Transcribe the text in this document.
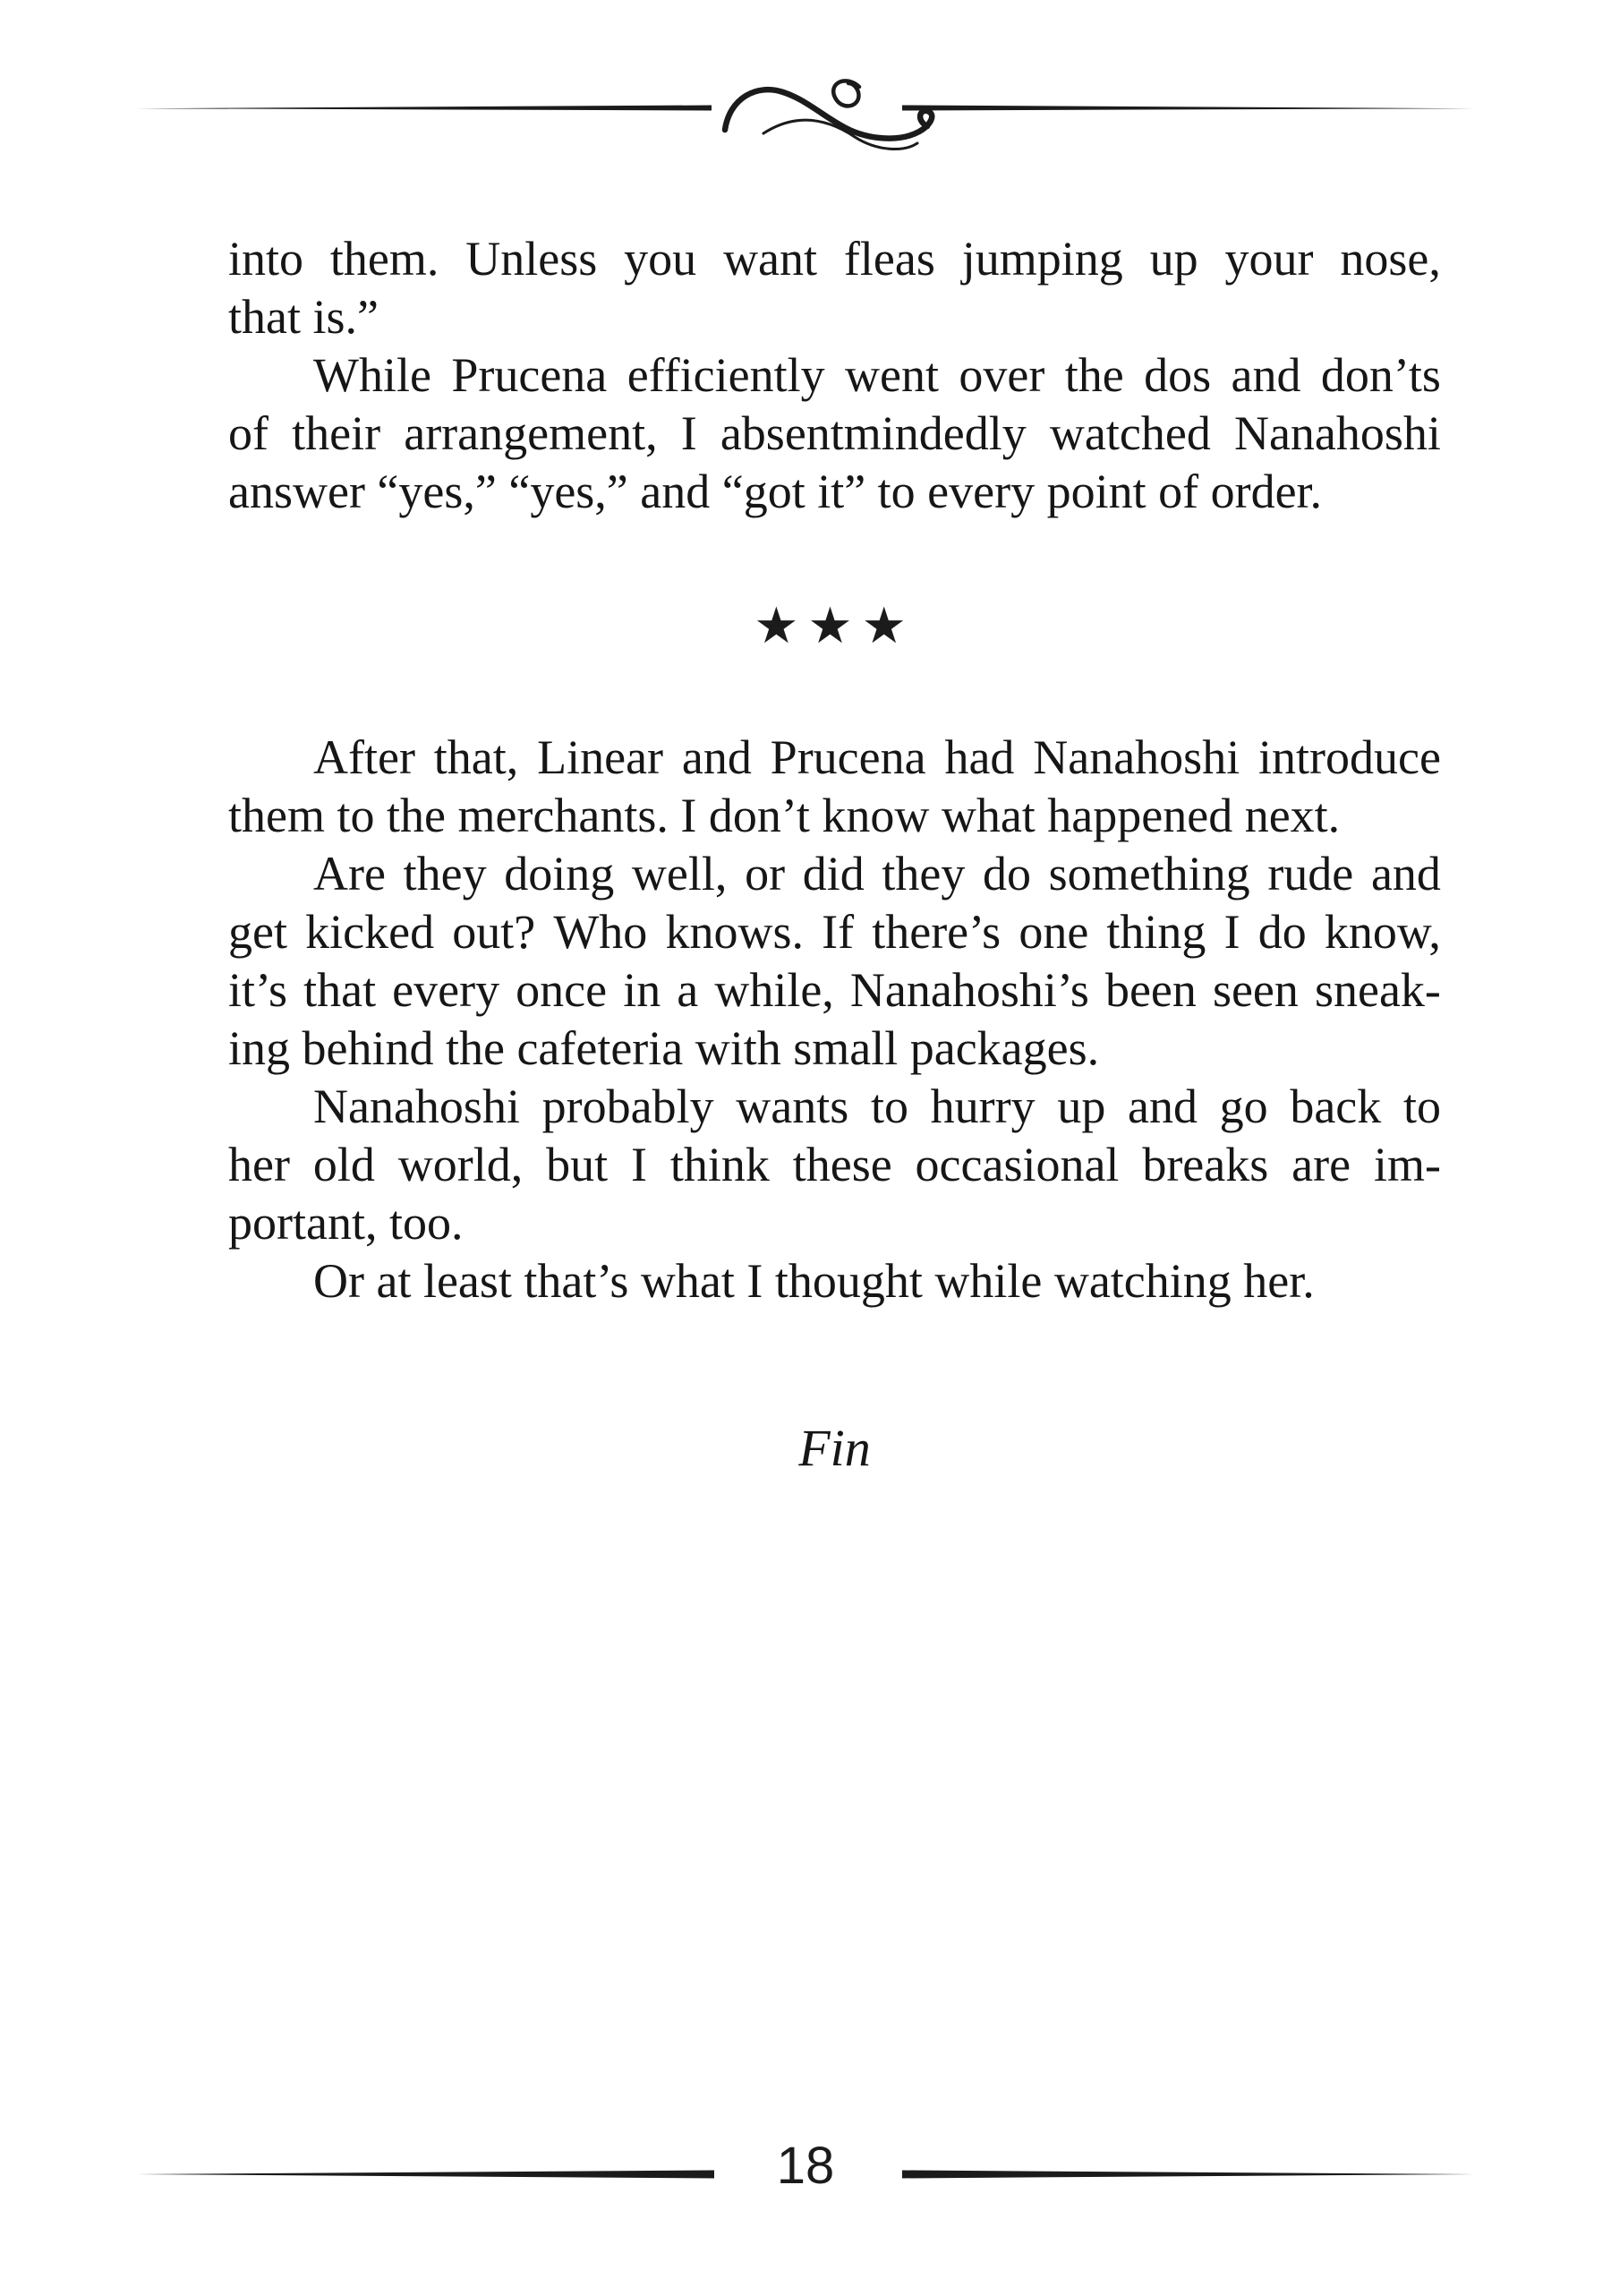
into them. Unless you want fleas jumping up your nose,
that is.”
While Prucena efficiently went over the dos and don’ts
of their arrangement, I absentmindedly watched Nanahoshi
answer “yes,” “yes,” and “got it” to every point of order.
★★★
After that, Linear and Prucena had Nanahoshi introduce
them to the merchants. I don’t know what happened next.
Are they doing well, or did they do something rude and
get kicked out? Who knows. If there’s one thing I do know,
it’s that every once in a while, Nanahoshi’s been seen sneak-
ing behind the cafeteria with small packages.
Nanahoshi probably wants to hurry up and go back to
her old world, but I think these occasional breaks are im-
portant, too.
Or at least that’s what I thought while watching her.
Fin
18
